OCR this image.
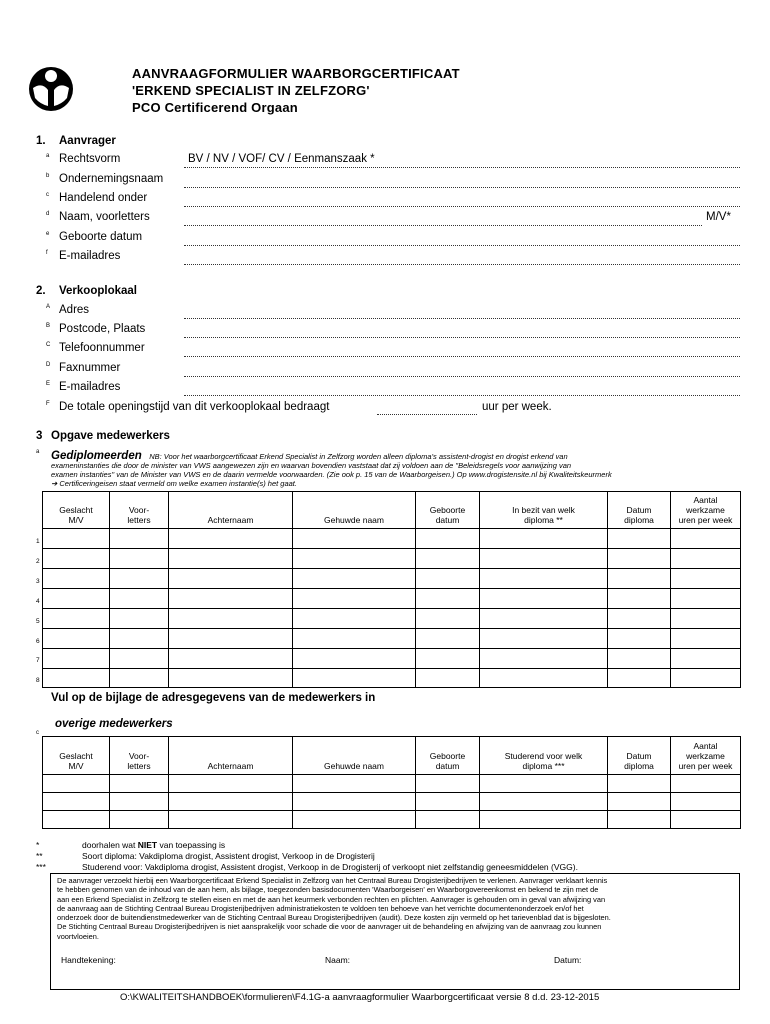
AANVRAAGFORMULIER WAARBORGCERTIFICAAT
'ERKEND SPECIALIST IN ZELFZORG'
PCO Certificerend Orgaan
1. Aanvrager
a Rechtsvorm	BV / NV / VOF/ CV / Eenmanszaak *
b Ondernemingsnaam
c Handelend onder
d Naam, voorletters	M/V*
e Geboorte datum
f E-mailadres
2. Verkooplokaal
A Adres
B Postcode, Plaats
C Telefoonnummer
D Faxnummer
E E-mailadres
F De totale openingstijd van dit verkooplokaal bedraagt	uur per week.
3 Opgave medewerkers
a Gediplomeerden NB: Voor het waarborgcertificaat Erkend Specialist in Zelfzorg worden alleen diploma's assistent-drogist en drogist erkend van
exameninstanties die door de minister van VWS aangewezen zijn en waarvan bovendien vaststaat dat zij voldoen aan de "Beleidsregels voor aanwijzing van
examen instanties" van de Minister van VWS en de daarin vermelde voorwaarden. (Zie ook p. 15 van de Waarborgeisen.) Op www.drogistensite.nl bij Kwaliteitskeurmerk
➔ Certificeringeisen staat vermeld om welke examen instantie(s) het gaat.
Geslacht
M/V	Voor-
letters	Achternaam	Gehuwde naam	Geboorte
datum	In bezit van welk
diploma **	Datum
diploma	Aantal
werkzame
uren per week

1
2
3
4
5
6
7
8
Vul op de bijlage de adresgegevens van de medewerkers in
c
overige medewerkers
Geslacht
M/V	Voor-
letters	Achternaam	Gehuwde naam	Geboorte
datum	Studerend voor welk
diploma ***	Datum
diploma	Aantal
werkzame
uren per week

*	doorhalen wat NIET van toepassing is
**	Soort diploma: Vakdiploma drogist, Assistent drogist, Verkoop in de Drogisterij
***	Studerend voor: Vakdiploma drogist, Assistent drogist, Verkoop in de Drogisterij of verkoopt niet zelfstandig geneesmiddelen (VGG).
De aanvrager verzoekt hierbij een Waarborgcertificaat Erkend Specialist in Zelfzorg van het Centraal Bureau Drogisterijbedrijven te verlenen. Aanvrager verklaart kennis
te hebben genomen van de inhoud van de aan hem, als bijlage, toegezonden basisdocumenten 'Waarborgeisen' en Waarborgovereenkomst en bekend te zijn met de
aan een Erkend Specialist in Zelfzorg te stellen eisen en met de aan het keurmerk verbonden rechten en plichten. Aanvrager is gehouden om in geval van afwijzing van
de aanvraag aan de Stichting Centraal Bureau Drogisterijbedrijven administratiekosten te voldoen ten behoeve van het verrichte documentenonderzoek en/of het
onderzoek door de buitendienstmedewerker van de Stichting Centraal Bureau Drogisterijbedrijven (audit). Deze kosten zijn vermeld op het tarievenblad dat is bijgesloten.
De Stichting Centraal Bureau Drogisterijbedrijven is niet aansprakelijk voor schade die voor de aanvrager uit de behandeling en afwijzing van de aanvraag zou kunnen
voortvloeien.
Handtekening:	Naam:	Datum:
O:\KWALITEITSHANDBOEK\formulieren\F4.1G-a aanvraagformulier Waarborgcertificaat versie 8 d.d. 23-12-2015
